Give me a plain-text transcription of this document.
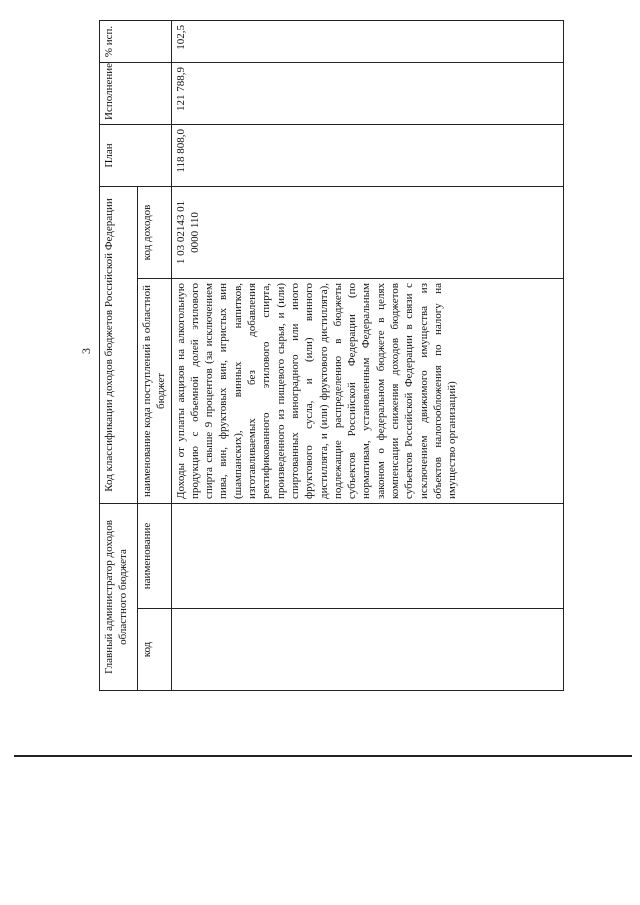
3
Главный администратор доходов областного бюджета		Код классификации доходов бюджетов Российской Федерации		План	Исполнение	% исп.
код	наименование	наименование кода поступлений в областной бюджет	код доходов			
		Доходы от уплаты акцизов на алкогольную продукцию с объемной долей этилового спирта свыше 9 процентов (за исключением пива, вин, фруктовых вин, игристых вин (шампанских), винных напитков, изготавливаемых без добавления ректификованного этилового спирта, произведенного из пищевого сырья, и (или) спиртованных виноградного или иного фруктового сусла, и (или) винного дистиллята, и (или) фруктового дистиллята), подлежащие распределению в бюджеты субъектов Российской Федерации (по нормативам, установленным Федеральным законом о федеральном бюджете в целях компенсации снижения доходов бюджетов субъектов Российской Федерации в связи с исключением движимого имущества из объектов налогообложения по налогу на имущество организаций)	1 03 02143 01 0000 110	118 808,0	121 788,9	102,5
